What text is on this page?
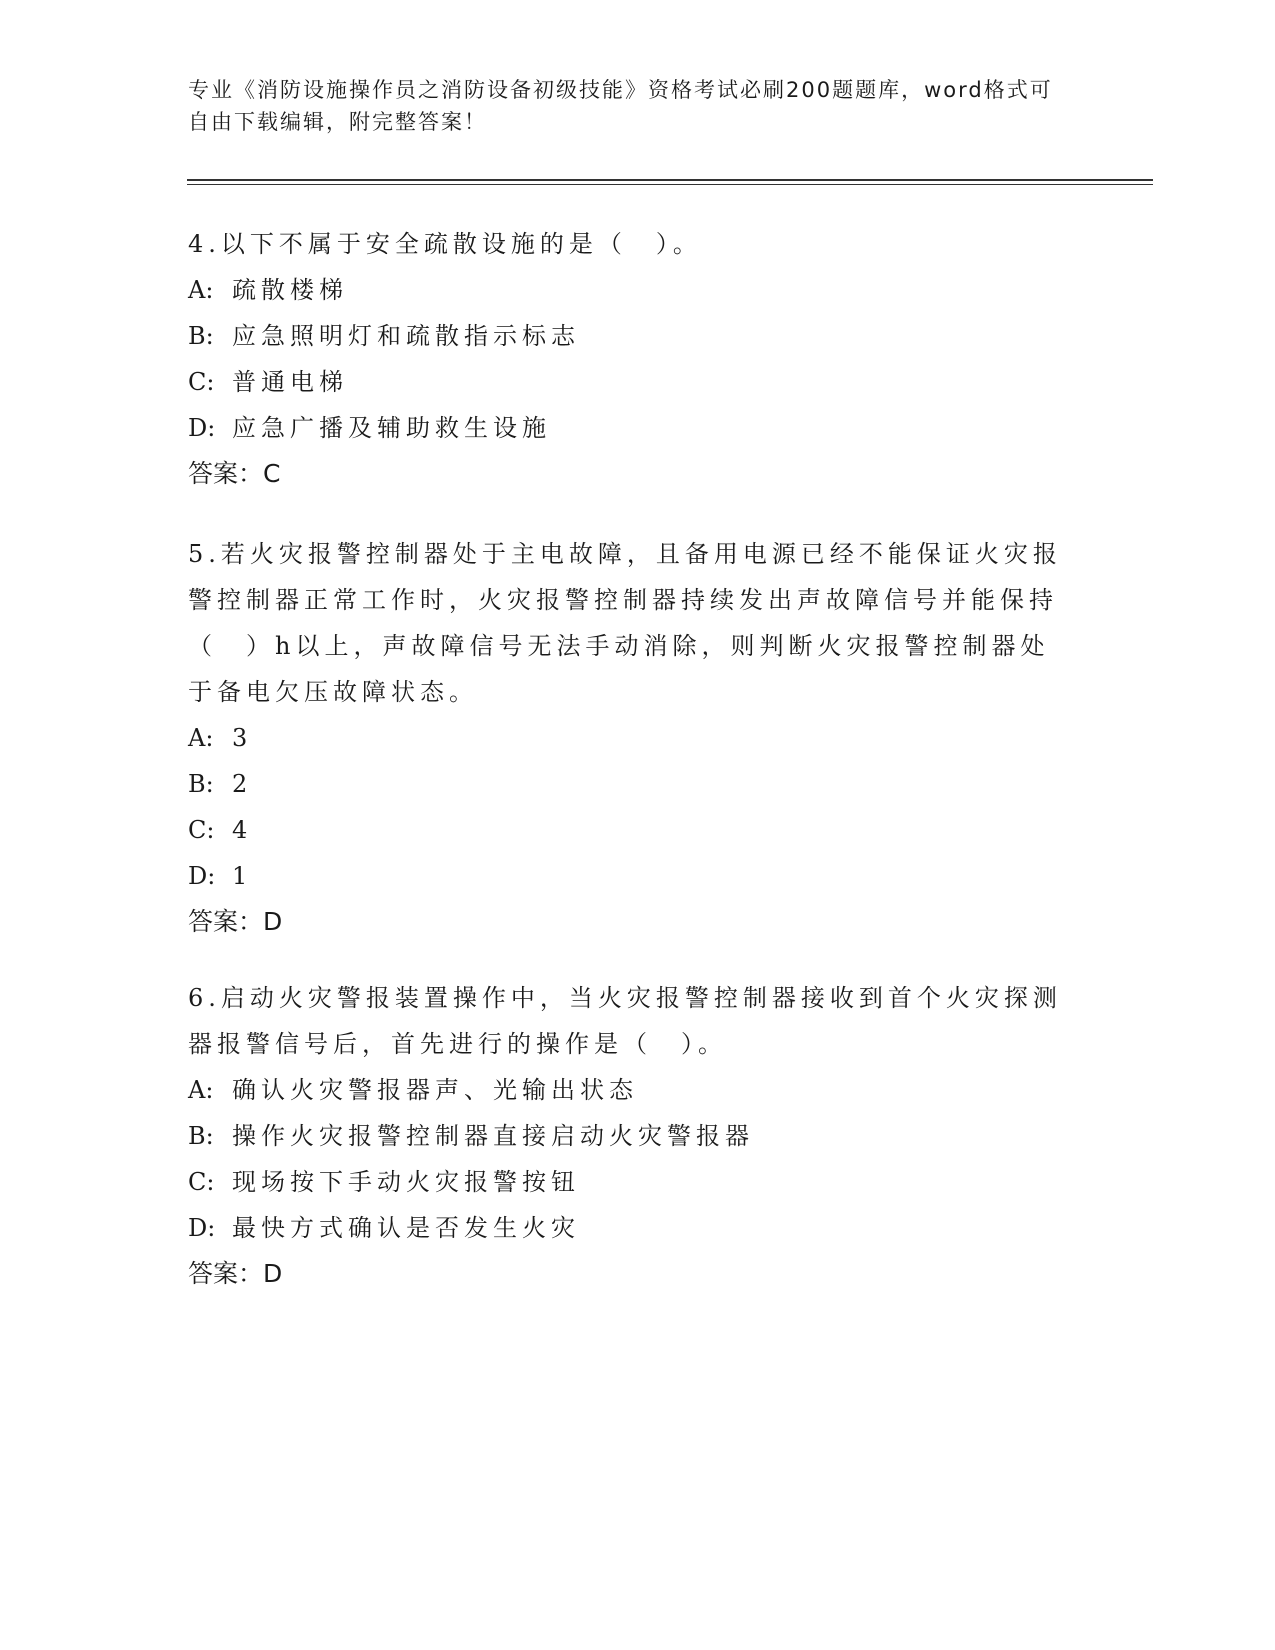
专业《消防设施操作员之消防设备初级技能》资格考试必刷200题题库，word格式可自由下载编辑，附完整答案！
4.以下不属于安全疏散设施的是（　）。
A: 疏散楼梯
B: 应急照明灯和疏散指示标志
C: 普通电梯
D: 应急广播及辅助救生设施
答案：C
5.若火灾报警控制器处于主电故障，且备用电源已经不能保证火灾报警控制器正常工作时，火灾报警控制器持续发出声故障信号并能保持（　）h以上，声故障信号无法手动消除，则判断火灾报警控制器处于备电欠压故障状态。
A: 3
B: 2
C: 4
D: 1
答案：D
6.启动火灾警报装置操作中，当火灾报警控制器接收到首个火灾探测器报警信号后，首先进行的操作是（　）。
A: 确认火灾警报器声、光输出状态
B: 操作火灾报警控制器直接启动火灾警报器
C: 现场按下手动火灾报警按钮
D: 最快方式确认是否发生火灾
答案：D
